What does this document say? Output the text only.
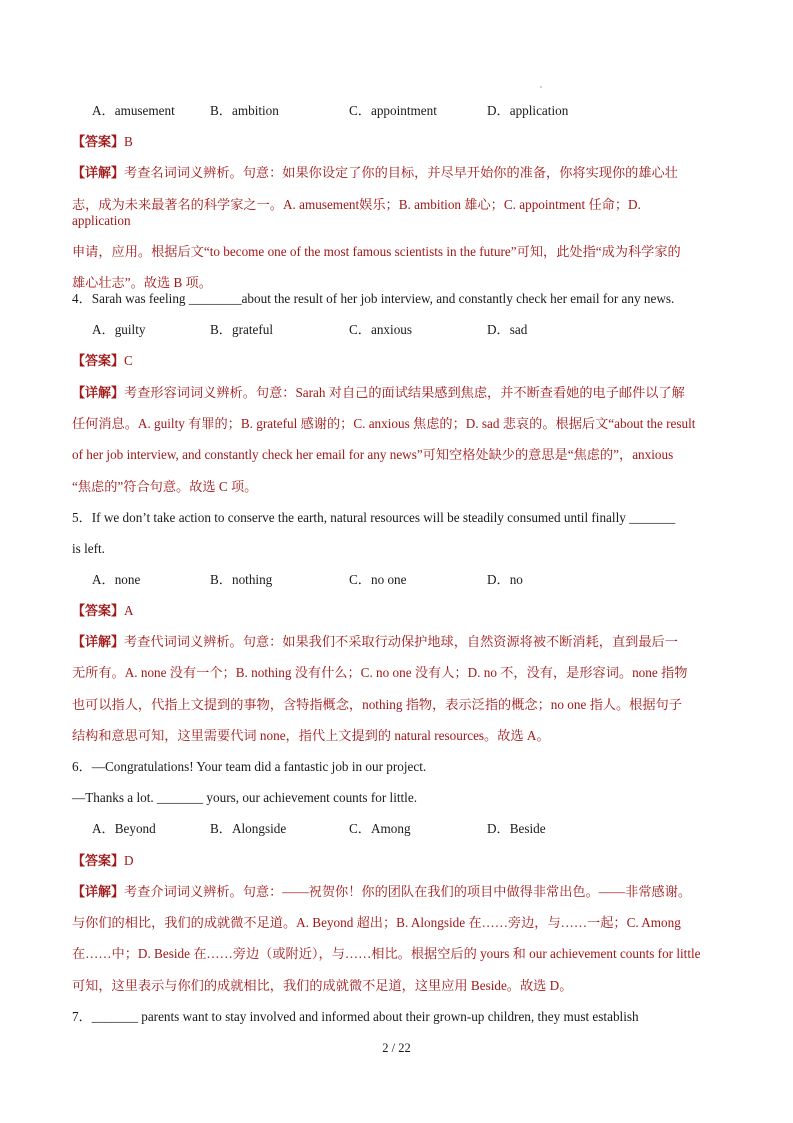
A．amusement	B．ambition	C．appointment	D．application
【答案】B
【详解】考查名词词义辨析。句意：如果你设定了你的目标，并尽早开始你的准备，你将实现你的雄心壮
志，成为未来最著名的科学家之一。A. amusement娱乐；B. ambition 雄心；C. appointment 任命；D.
application
申请，应用。根据后文“to become one of the most famous scientists in the future”可知，此处指“成为科学家的
雄心壮志”。故选 B 项。
4．Sarah was feeling ________about the result of her job interview, and constantly check her email for any news.
A．guilty	B．grateful	C．anxious	D．sad
【答案】C
【详解】考查形容词词义辨析。句意：Sarah 对自己的面试结果感到焦虑，并不断查看她的电子邮件以了解
任何消息。A. guilty 有罪的；B. grateful 感谢的；C. anxious 焦虑的；D. sad 悲哀的。根据后文“about the result
of her job interview, and constantly check her email for any news”可知空格处缺少的意思是“焦虑的”，anxious
“焦虑的”符合句意。故选 C 项。
5．If we don’t take action to conserve the earth, natural resources will be steadily consumed until finally _______
is left.
A．none	B．nothing	C．no one	D．no
【答案】A
【详解】考查代词词义辨析。句意：如果我们不采取行动保护地球，自然资源将被不断消耗，直到最后一
无所有。A. none 没有一个；B. nothing 没有什么；C. no one 没有人；D. no 不，没有，是形容词。none 指物
也可以指人，代指上文提到的事物，含特指概念，nothing 指物，表示泛指的概念；no one 指人。根据句子
结构和意思可知，这里需要代词 none，指代上文提到的 natural resources。故选 A。
6．—Congratulations! Your team did a fantastic job in our project.
—Thanks a lot. _______ yours, our achievement counts for little.
A．Beyond	B．Alongside	C．Among	D．Beside
【答案】D
【详解】考查介词词义辨析。句意：——祝贺你！你的团队在我们的项目中做得非常出色。——非常感谢。
与你们的相比，我们的成就微不足道。A. Beyond 超出；B. Alongside 在……旁边，与……一起；C. Among
在……中；D. Beside 在……旁边（或附近），与……相比。根据空后的 yours 和 our achievement counts for little
可知，这里表示与你们的成就相比，我们的成就微不足道，这里应用 Beside。故选 D。
7．_______ parents want to stay involved and informed about their grown-up children, they must establish
2 / 22
